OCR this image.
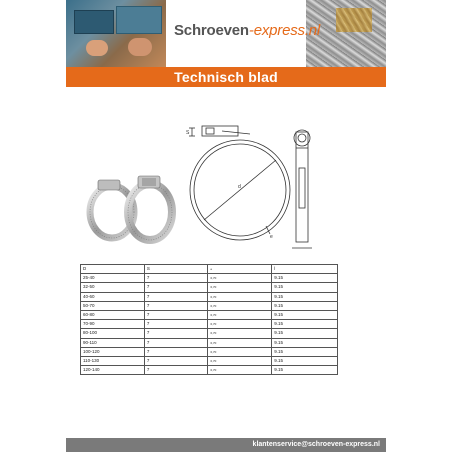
Schroeven-express.nl
Technisch blad
S
d
e
D	S	e	l
25-40	7	0,70	9.15
32-50	7	0,70	9.15
40-60	7	0,70	9.15
50-70	7	0,70	9.15
60-80	7	0,70	9.15
70-90	7	0,70	9.15
80-100	7	0,70	9.15
90-110	7	0,70	9.15
100-120	7	0,70	9.15
110-130	7	0,70	9.15
120-140	7	0,70	9.15
klantenservice@schroeven-express.nl
